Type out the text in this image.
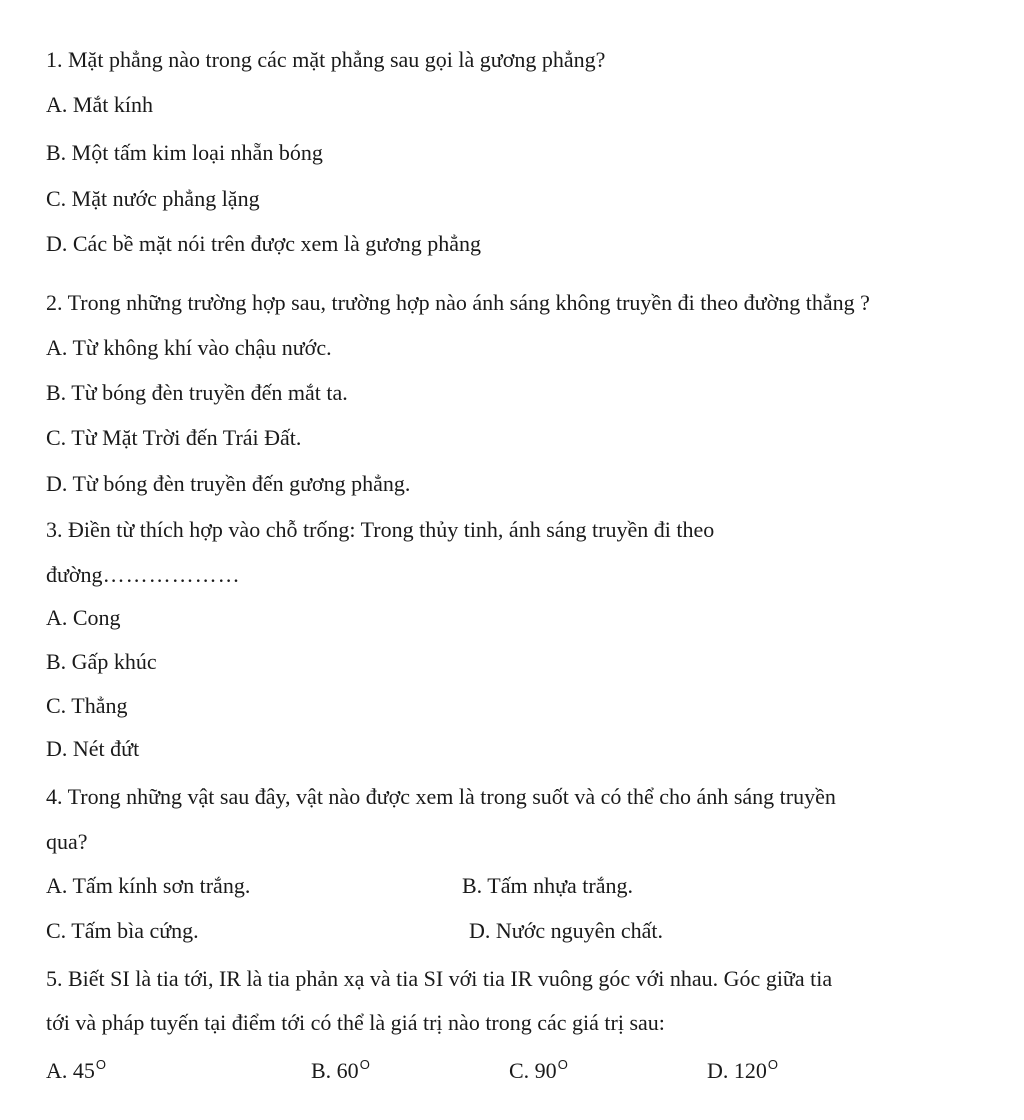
1. Mặt phẳng nào trong các mặt phẳng sau gọi là gương phẳng?
A. Mắt kính
B. Một tấm kim loại nhẵn bóng
C. Mặt nước phẳng lặng
D. Các bề mặt nói trên được xem là gương phẳng
2. Trong những trường hợp sau, trường hợp nào ánh sáng không truyền đi theo đường thẳng ?
A. Từ không khí vào chậu nước.
B. Từ bóng đèn truyền đến mắt ta.
C. Từ Mặt Trời đến Trái Đất.
D. Từ bóng đèn truyền đến gương phẳng.
3. Điền từ thích hợp vào chỗ trống: Trong thủy tinh, ánh sáng truyền đi theo
đường………………
A. Cong
B. Gấp khúc
C. Thẳng
D. Nét đứt
4. Trong những vật sau đây, vật nào được xem là trong suốt và có thể cho ánh sáng truyền
qua?
A. Tấm kính sơn trắng.	B. Tấm nhựa trắng.
C. Tấm bìa cứng.	D. Nước nguyên chất.
5. Biết SI là tia tới, IR là tia phản xạ và tia SI với tia IR vuông góc với nhau. Góc giữa tia
tới và pháp tuyến tại điểm tới có thể là giá trị nào trong các giá trị sau:
A. $45^O$	B. $60^O$	C. $90^O$	D. $120^O$
